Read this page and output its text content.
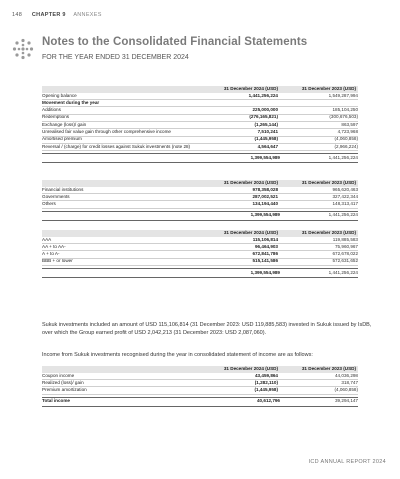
148 CHAPTER 9 ANNEXES
Notes to the Consolidated Financial Statements
FOR THE YEAR ENDED 31 DECEMBER 2024
	31 December 2024 (USD)	31 December 2023 (USD)
Opening balance	1,441,256,224	1,549,287,994
Movement during the year		
Additions	225,000,000	185,104,250
Redemptions	(276,165,821)	(300,676,503)
Exchange (loss)/ gain	(1,265,144)	863,597
Unrealised fair value gain through other comprehensive income	7,510,241	4,723,968
Amortised premium	(1,445,958)	(4,060,858)
Reversal / (charge) for credit losses against Sukuk investments (note 28)	4,564,647	(2,966,224)

	1,399,554,989	1,441,256,224
	31 December 2024 (USD)	31 December 2023 (USD)
Financial institutions	978,358,028	965,620,463
Governments	287,002,521	327,422,344
Others	134,194,440	148,313,417

	1,399,554,989	1,441,256,224
	31 December 2024 (USD)	31 December 2023 (USD)
AAA	115,106,814	119,885,583
AA + to AA-	96,464,903	75,960,967
A + to A-	672,841,786	672,678,022
BBB + or lower	515,141,586	572,631,652

	1,399,554,989	1,441,256,224
Sukuk investments included an amount of USD 115,106,814 (31 December 2023: USD 119,885,583) invested in Sukuk issued by IsDB, over which the Group earned profit of USD 2,042,213 (31 December 2023: USD 2,087,060).
Income from Sukuk investments recognised during the year in consolidated statement of income are as follows:
	31 December 2024 (USD)	31 December 2023 (USD)
Coupon income	43,459,864	44,036,298
Realized (loss)/ gain	(1,282,110)	318,747
Premium amortization	(1,445,958)	(4,060,858)

Total income	40,612,796	39,294,147
ICD ANNUAL REPORT 2024
